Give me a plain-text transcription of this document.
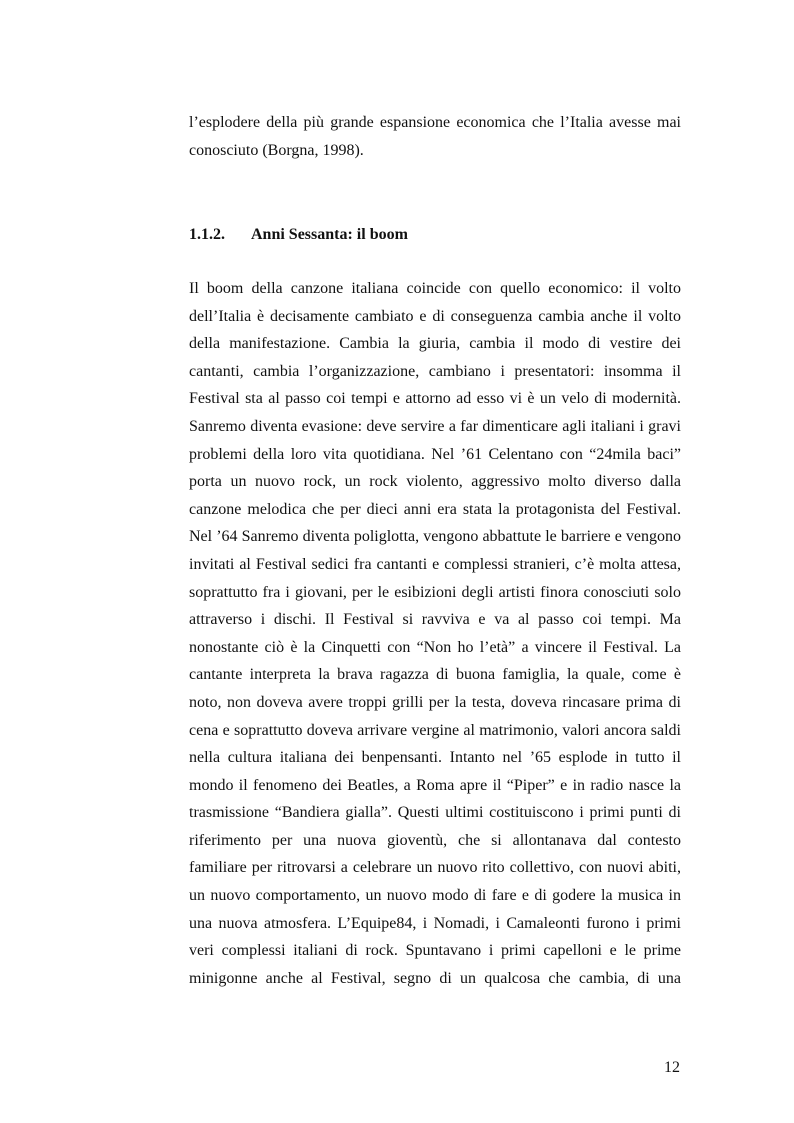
l’esplodere della più grande espansione economica che l’Italia avesse mai
conosciuto (Borgna, 1998).
1.1.2. Anni Sessanta: il boom
Il boom della canzone italiana coincide con quello economico: il volto
dell’Italia è decisamente cambiato e di conseguenza cambia anche il volto
della manifestazione. Cambia la giuria, cambia il modo di vestire dei
cantanti, cambia l’organizzazione, cambiano i presentatori: insomma il
Festival sta al passo coi tempi e attorno ad esso vi è un velo di modernità.
Sanremo diventa evasione: deve servire a far dimenticare agli italiani i gravi
problemi della loro vita quotidiana. Nel ’61 Celentano con “24mila baci”
porta un nuovo rock, un rock violento, aggressivo molto diverso dalla
canzone melodica che per dieci anni era stata la protagonista del Festival.
Nel ’64 Sanremo diventa poliglotta, vengono abbattute le barriere e vengono
invitati al Festival sedici fra cantanti e complessi stranieri, c’è molta attesa,
soprattutto fra i giovani, per le esibizioni degli artisti finora conosciuti solo
attraverso i dischi. Il Festival si ravviva e va al passo coi tempi. Ma
nonostante ciò è la Cinquetti con “Non ho l’età” a vincere il Festival. La
cantante interpreta la brava ragazza di buona famiglia, la quale, come è
noto, non doveva avere troppi grilli per la testa, doveva rincasare prima di
cena e soprattutto doveva arrivare vergine al matrimonio, valori ancora saldi
nella cultura italiana dei benpensanti. Intanto nel ’65 esplode in tutto il
mondo il fenomeno dei Beatles, a Roma apre il “Piper” e in radio nasce la
trasmissione “Bandiera gialla”. Questi ultimi costituiscono i primi punti di
riferimento per una nuova gioventù, che si allontanava dal contesto
familiare per ritrovarsi a celebrare un nuovo rito collettivo, con nuovi abiti,
un nuovo comportamento, un nuovo modo di fare e di godere la musica in
una nuova atmosfera. L’Equipe84, i Nomadi, i Camaleonti furono i primi
veri complessi italiani di rock. Spuntavano i primi capelloni e le prime
minigonne anche al Festival, segno di un qualcosa che cambia, di una
12
